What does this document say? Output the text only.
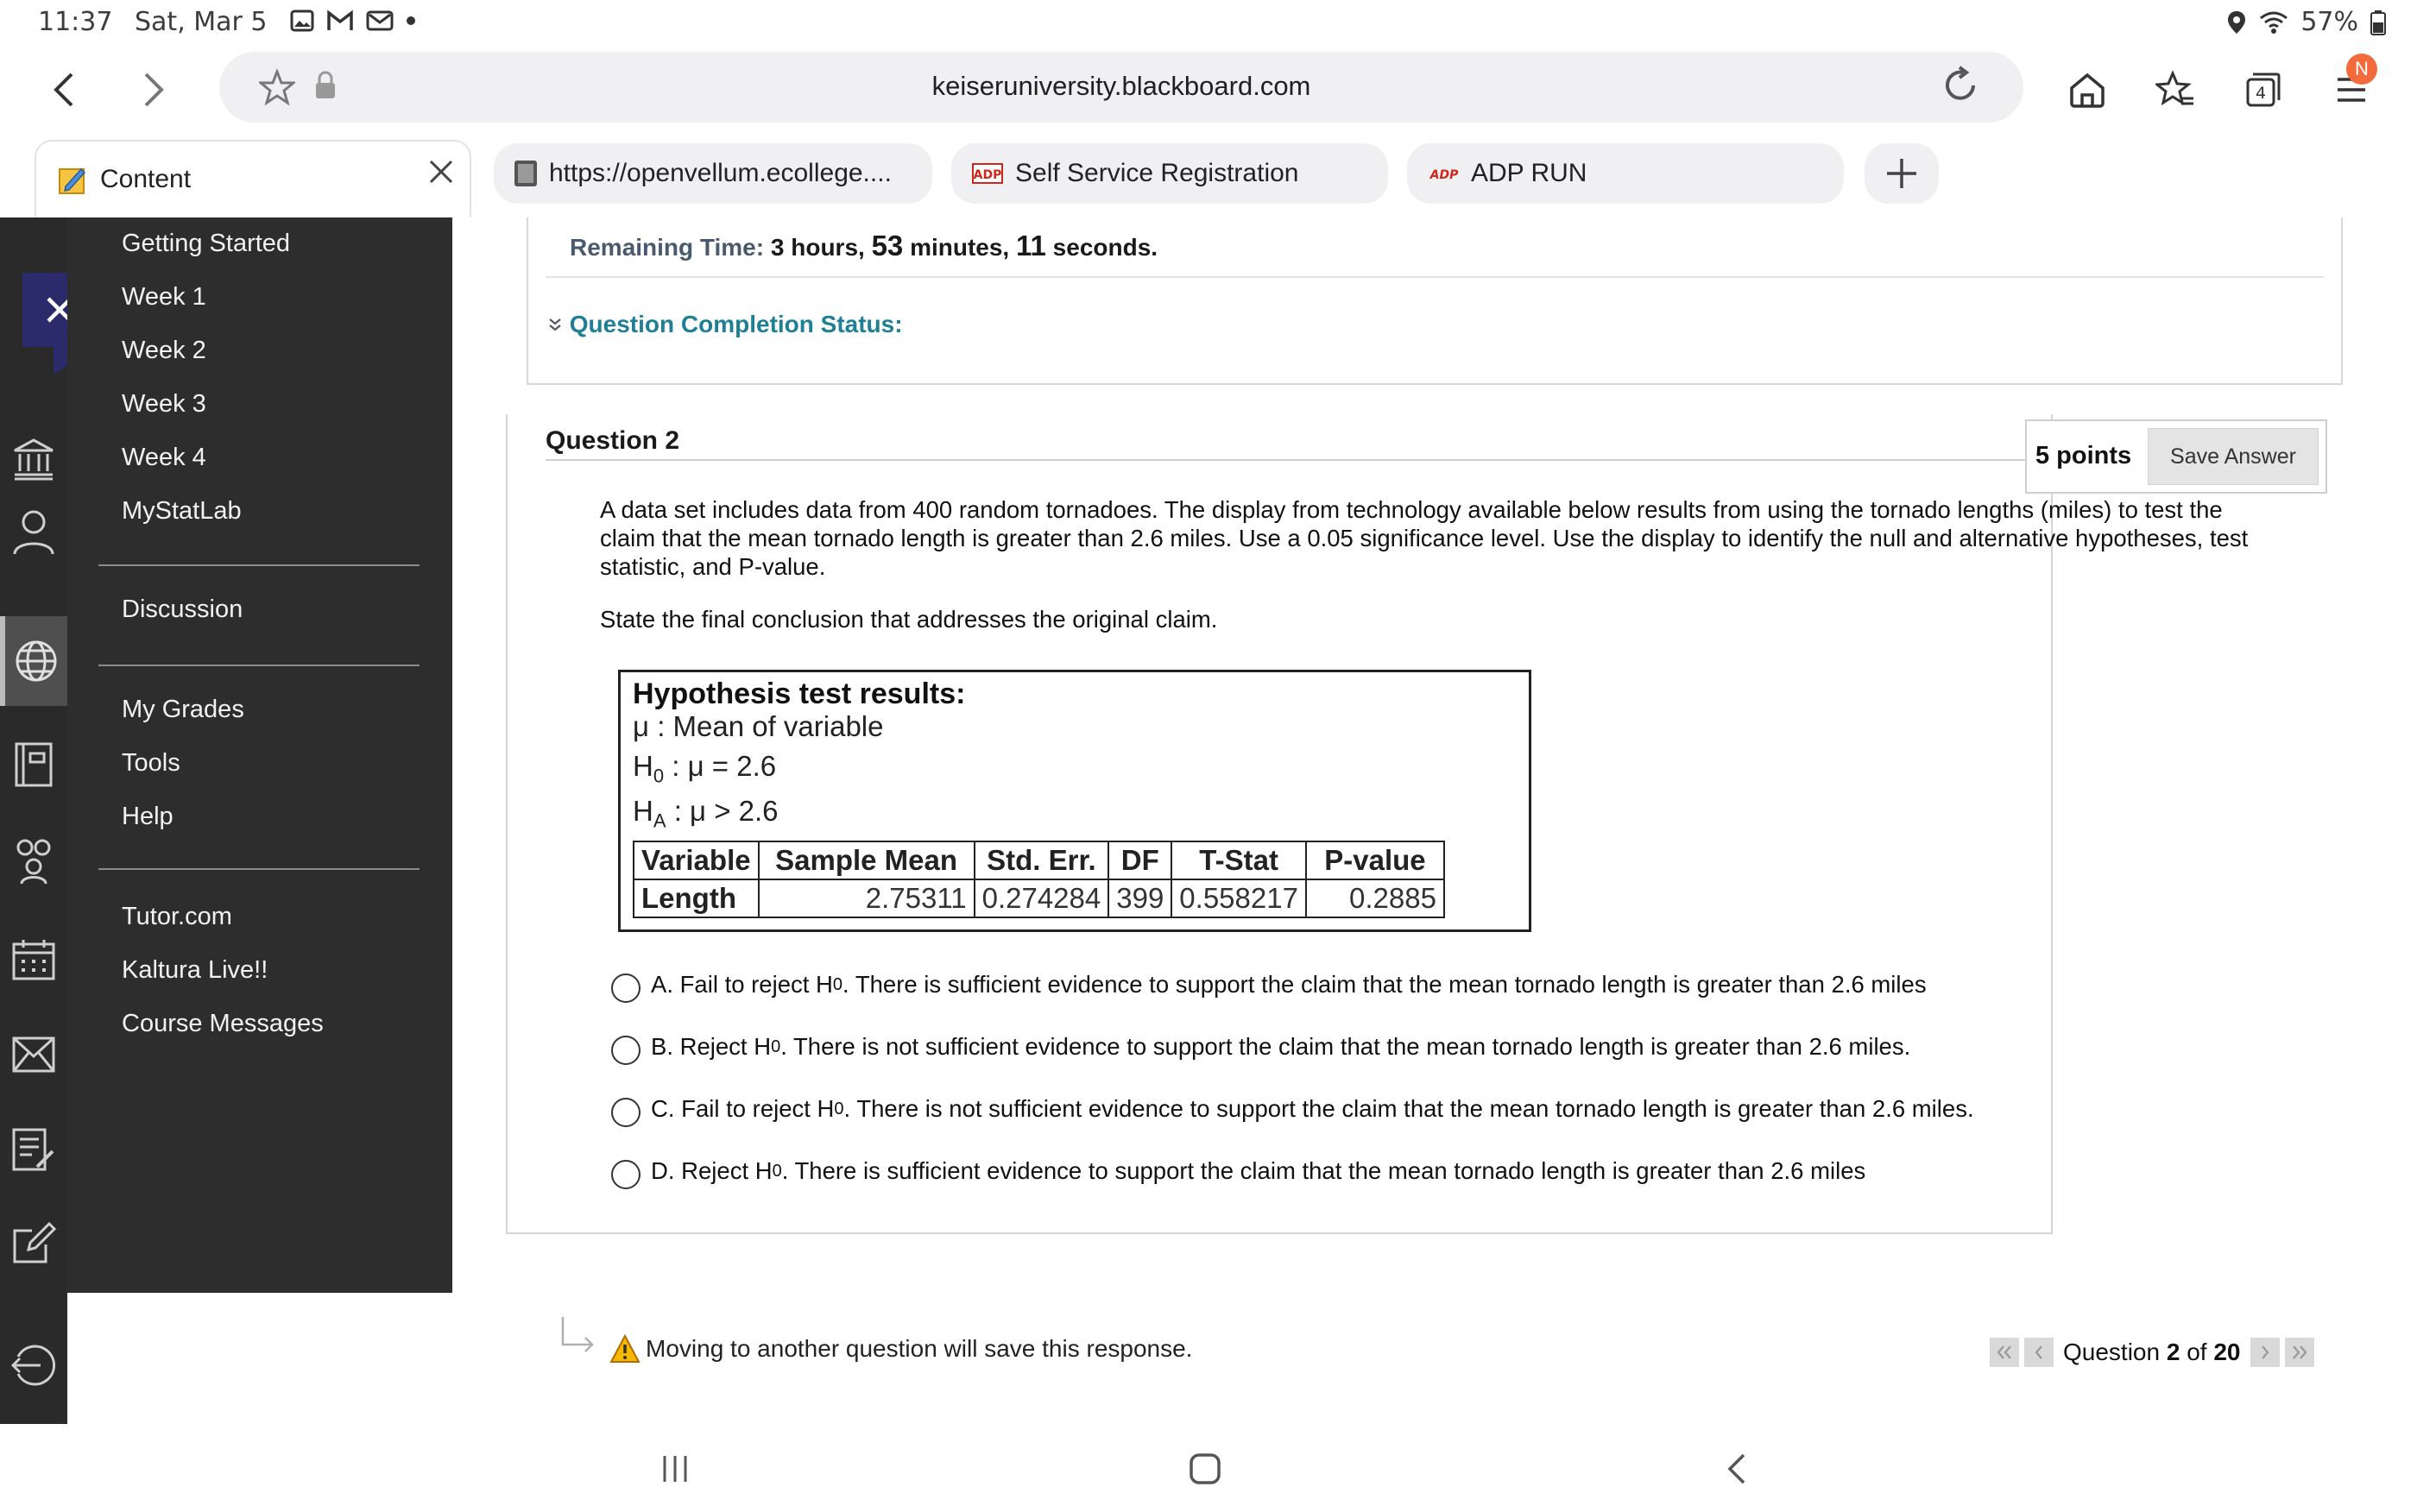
11:37 Sat, Mar 5	57%
keiseruniversity.blackboard.com	4
N
Content	https://openvellum.ecollege....	ADP Self Service Registration	ADP ADP RUN
Getting Started
Week 1
Week 2
Week 3
Week 4
MyStatLab
Discussion
My Grades
Tools
Help
Tutor.com
Kaltura Live!!
Course Messages
Remaining Time: 3 hours, 53 minutes, 11 seconds.
Question Completion Status:
Question 2
5 points	Save Answer
A data set includes data from 400 random tornadoes. The display from technology available below results from using the tornado lengths (miles) to test the claim that the mean tornado length is greater than 2.6 miles. Use a 0.05 significance level. Use the display to identify the null and alternative hypotheses, test statistic, and P-value.
State the final conclusion that addresses the original claim.
Hypothesis test results:
μ : Mean of variable
$H_0$ : μ = 2.6
$H_A$ : μ > 2.6
Variable	Sample Mean	Std. Err.	DF	T-Stat	P-value
Length	2.75311	0.274284	399	0.558217	0.2885
A.
Fail to reject H 0 . There is sufficient evidence to support the claim that the mean tornado length is greater than 2.6 miles
B.
Reject H 0 . There is not sufficient evidence to support the claim that the mean tornado length is greater than 2.6 miles.
C.
Fail to reject H 0 . There is not sufficient evidence to support the claim that the mean tornado length is greater than 2.6 miles.
D.
Reject H 0 . There is sufficient evidence to support the claim that the mean tornado length is greater than 2.6 miles
Moving to another question will save this response.	Question 2 of 20
